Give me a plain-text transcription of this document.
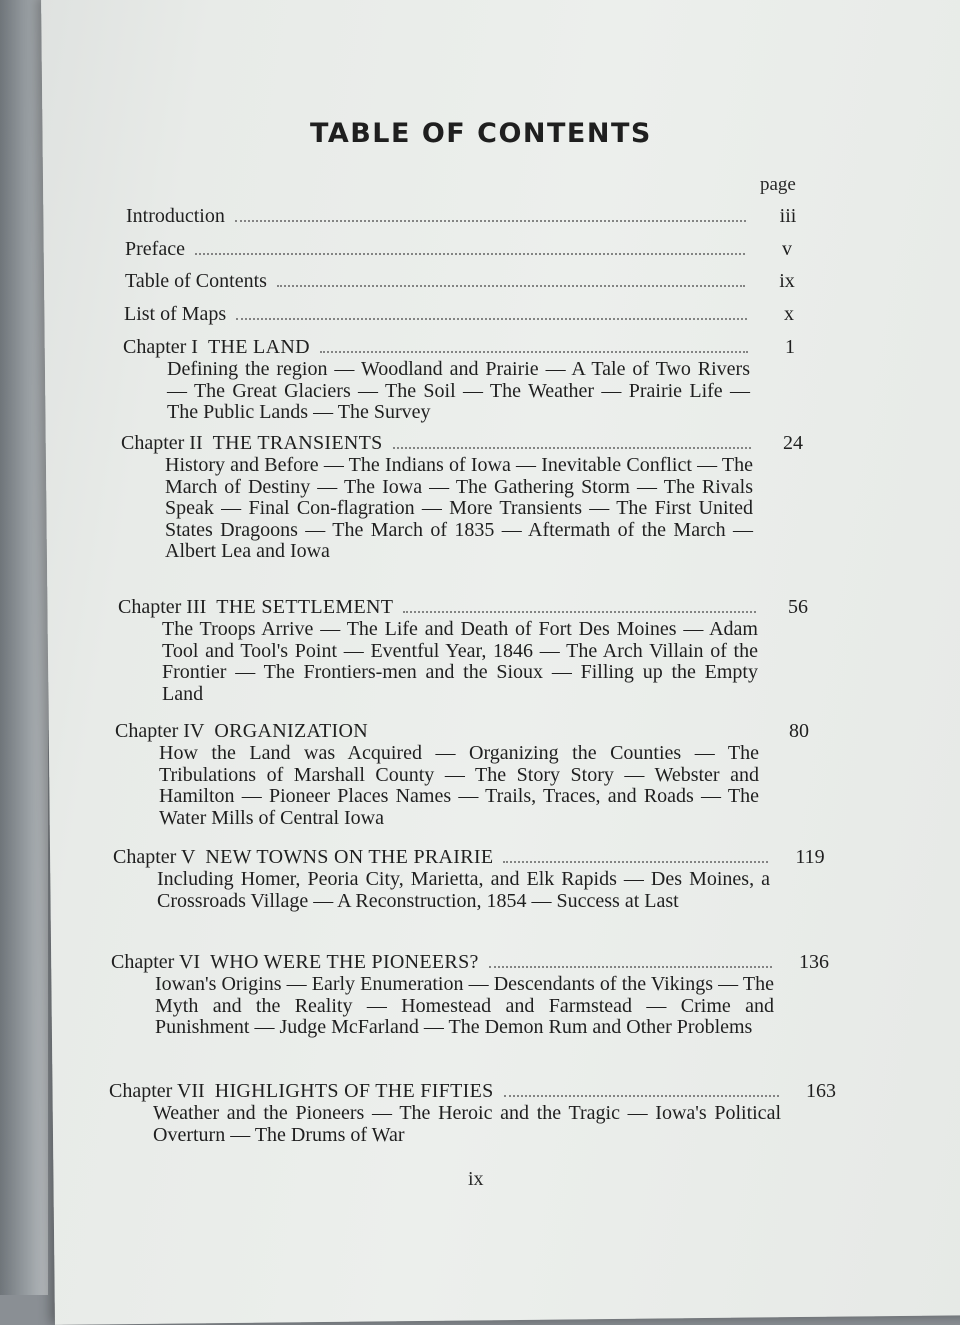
TABLE OF CONTENTS
page
Introduction	iii
Preface	v
Table of Contents	ix
List of Maps	x
Chapter I THE LAND	1
Defining the region — Woodland and Prairie — A Tale of Two Rivers — The Great Glaciers — The Soil — The Weather — Prairie Life — The Public Lands — The Survey
Chapter II THE TRANSIENTS	24
History and Before — The Indians of Iowa — Inevitable Conflict — The March of Destiny — The Iowa — The Gathering Storm — The Rivals Speak — Final Con-flagration — More Transients — The First United States Dragoons — The March of 1835 — Aftermath of the March — Albert Lea and Iowa
Chapter III THE SETTLEMENT	56
The Troops Arrive — The Life and Death of Fort Des Moines — Adam Tool and Tool's Point — Eventful Year, 1846 — The Arch Villain of the Frontier — The Frontiers-men and the Sioux — Filling up the Empty Land
Chapter IV ORGANIZATION	80
How the Land was Acquired — Organizing the Counties — The Tribulations of Marshall County — The Story Story — Webster and Hamilton — Pioneer Places Names — Trails, Traces, and Roads — The Water Mills of Central Iowa
Chapter V NEW TOWNS ON THE PRAIRIE	119
Including Homer, Peoria City, Marietta, and Elk Rapids — Des Moines, a Crossroads Village — A Reconstruction, 1854 — Success at Last
Chapter VI WHO WERE THE PIONEERS?	136
Iowan's Origins — Early Enumeration — Descendants of the Vikings — The Myth and the Reality — Homestead and Farmstead — Crime and Punishment — Judge McFarland — The Demon Rum and Other Problems
Chapter VII HIGHLIGHTS OF THE FIFTIES	163
Weather and the Pioneers — The Heroic and the Tragic — Iowa's Political Overturn — The Drums of War
ix
